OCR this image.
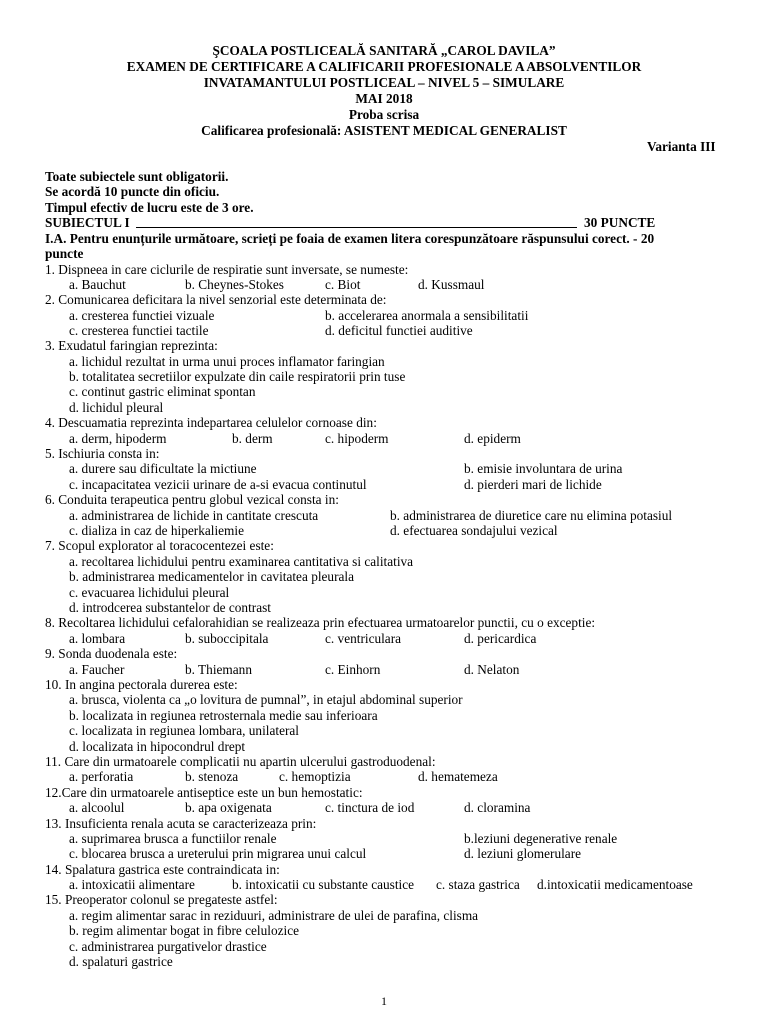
ŞCOALA POSTLICEALĂ SANITARĂ „CAROL DAVILA”
EXAMEN DE CERTIFICARE A CALIFICARII PROFESIONALE A ABSOLVENTILOR
INVATAMANTULUI POSTLICEAL – NIVEL 5 – SIMULARE
MAI 2018
Proba scrisa
Calificarea profesională: ASISTENT MEDICAL GENERALIST
Varianta III
Toate subiectele sunt obligatorii.
Se acordă 10 puncte din oficiu.
Timpul efectiv de lucru este de 3 ore.
SUBIECTUL I	30 PUNCTE
I.A. Pentru enunțurile următoare, scrieți pe foaia de examen litera corespunzătoare răspunsului corect. - 20
puncte
1. Dispneea in care ciclurile de respiratie sunt inversate, se numeste:
a. Bauchut	b. Cheynes-Stokes	c. Biot	d. Kussmaul
2. Comunicarea deficitara la nivel senzorial este determinata de:
a. cresterea functiei vizuale	b. accelerarea anormala a sensibilitatii
c. cresterea functiei tactile	d. deficitul functiei auditive
3. Exudatul faringian reprezinta:
a. lichidul rezultat in urma unui proces inflamator faringian
b. totalitatea secretiilor expulzate din caile respiratorii prin tuse
c. continut gastric eliminat spontan
d. lichidul pleural
4. Descuamatia reprezinta indepartarea celulelor cornoase din:
a. derm, hipoderm	b. derm	c. hipoderm	d. epiderm
5. Ischiuria consta in:
a. durere sau dificultate la mictiune	b. emisie involuntara de urina
c. incapacitatea vezicii urinare de a-si evacua continutul	d. pierderi mari de lichide
6. Conduita terapeutica pentru globul vezical consta in:
a. administrarea de lichide in cantitate crescuta	b. administrarea de diuretice care nu elimina potasiul
c. dializa in caz de hiperkaliemie	d. efectuarea sondajului vezical
7. Scopul explorator al toracocentezei este:
a. recoltarea lichidului pentru examinarea cantitativa si calitativa
b. administrarea medicamentelor in cavitatea pleurala
c. evacuarea lichidului pleural
d. introdcerea substantelor de contrast
8. Recoltarea lichidului cefalorahidian se realizeaza prin efectuarea urmatoarelor punctii, cu o exceptie:
a. lombara	b. suboccipitala	c. ventriculara	d. pericardica
9. Sonda duodenala este:
a. Faucher	b. Thiemann	c. Einhorn	d. Nelaton
10. In angina pectorala durerea este:
a. brusca, violenta ca „o lovitura de pumnal”, in etajul abdominal superior
b. localizata in regiunea retrosternala medie sau inferioara
c. localizata in regiunea lombara, unilateral
d. localizata in hipocondrul drept
11. Care din urmatoarele complicatii nu apartin ulcerului gastroduodenal:
a. perforatia	b. stenoza	c. hemoptizia	d. hematemeza
12.Care din urmatoarele antiseptice este un bun hemostatic:
a. alcoolul	b. apa oxigenata	c. tinctura de iod	d. cloramina
13. Insuficienta renala acuta se caracterizeaza prin:
a. suprimarea brusca a functiilor renale	b.leziuni degenerative renale
c. blocarea brusca a ureterului prin migrarea unui calcul	d. leziuni glomerulare
14. Spalatura gastrica este contraindicata in:
a. intoxicatii alimentare	b. intoxicatii cu substante caustice c. staza gastrica d.intoxicatii medicamentoase
15. Preoperator colonul se pregateste astfel:
a. regim alimentar sarac in reziduuri, administrare de ulei de parafina, clisma
b. regim alimentar bogat in fibre celulozice
c. administrarea purgativelor drastice
d. spalaturi gastrice
1
